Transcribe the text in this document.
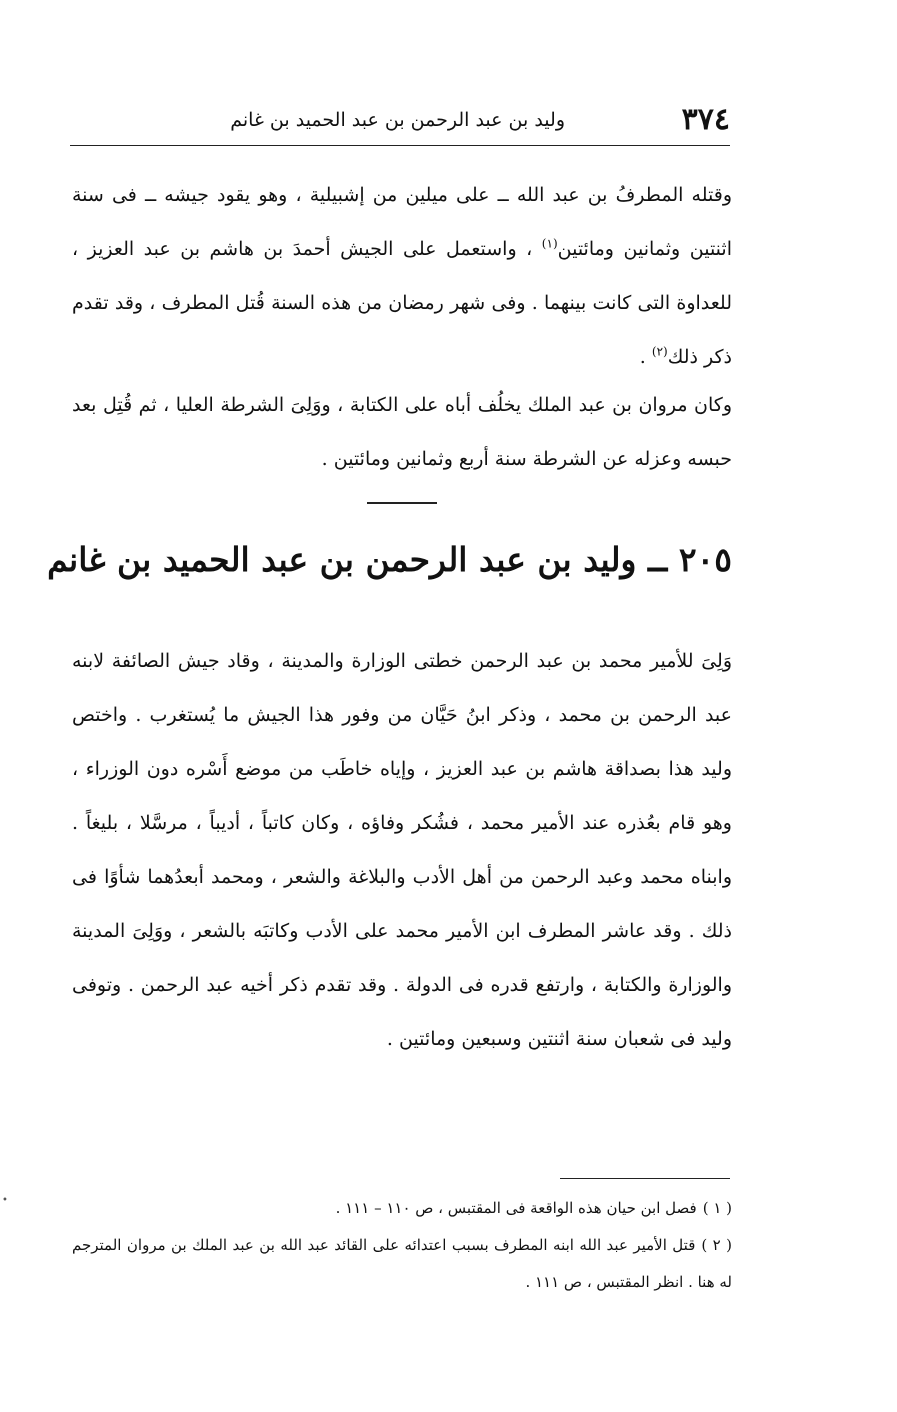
٣٧٤
وليد بن عبد الرحمن بن عبد الحميد بن غانم

وقتله المطرفُ بن عبد الله ــ على ميلين من إشبيلية ، وهو يقود جيشه ــ فى سنة اثنتين وثمانين ومائتين$^{(١)}$ ، واستعمل على الجيش أحمدَ بن هاشم بن عبد العزيز ، للعداوة التى كانت بينهما . وفى شهر رمضان من هذه السنة قُتل المطرف ، وقد تقدم ذكر ذلك$^{(٢)}$ .

وكان مروان بن عبد الملك يخلُف أباه على الكتابة ، ووَلِىَ الشرطة العليا ، ثم قُتِل بعد حبسه وعزله عن الشرطة سنة أربع وثمانين ومائتين .

٢٠٥ ــ وليد بن عبد الرحمن بن عبد الحميد بن غانم

وَلِىَ للأمير محمد بن عبد الرحمن خطتى الوزارة والمدينة ، وقاد جيش الصائفة لابنه عبد الرحمن بن محمد ، وذكر ابنُ حَيَّان من وفور هذا الجيش ما يُستغرب . واختص وليد هذا بصداقة هاشم بن عبد العزيز ، وإياه خاطَب من موضع أَسْره دون الوزراء ، وهو قام بعُذره عند الأمير محمد ، فشُكر وفاؤه ، وكان كاتباً ، أديباً ، مرسَّلا ، بليغاً . وابناه محمد وعبد الرحمن من أهل الأدب والبلاغة والشعر ، ومحمد أبعدُهما شأوًا فى ذلك . وقد عاشر المطرف ابن الأمير محمد على الأدب وكاتبَه بالشعر ، ووَلِىَ المدينة والوزارة والكتابة ، وارتفع قدره فى الدولة . وقد تقدم ذكر أخيه عبد الرحمن . وتوفى وليد فى شعبان سنة اثنتين وسبعين ومائتين .

( ١ )فصل ابن حيان هذه الواقعة فى المقتبس ، ص ١١٠ – ١١١ .

( ٢ )قتل الأمير عبد الله ابنه المطرف بسبب اعتدائه على القائد عبد الله بن عبد الملك بن مروان المترجم له هنا . انظر المقتبس ، ص ١١١ .

•
